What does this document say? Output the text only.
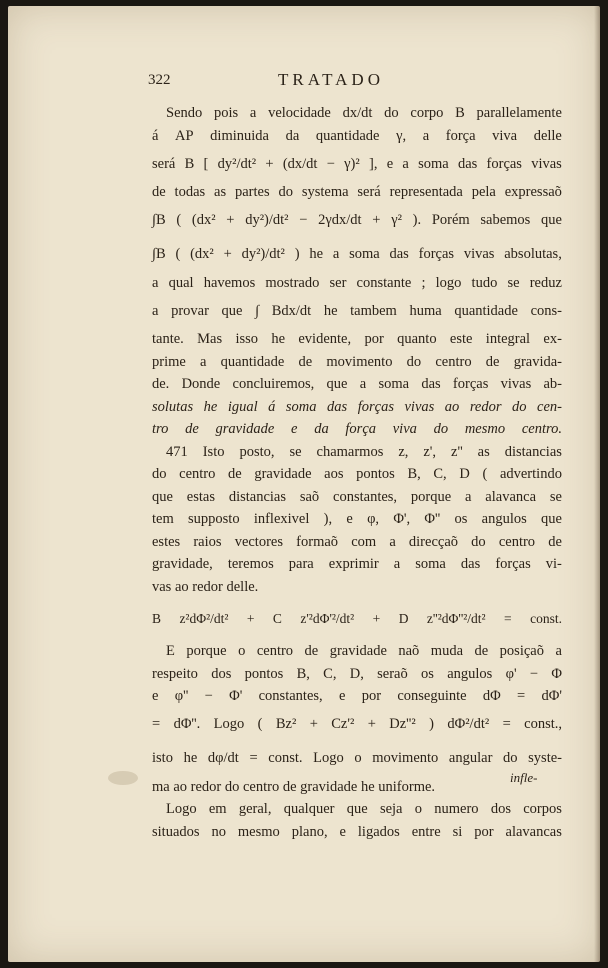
322	TRATADO
Sendo pois a velocidade dx/dt do corpo B parallelamente
á AP diminuida da quantidade γ, a força viva delle
será B [ dy²/dt² + (dx/dt − γ)² ], e a soma das forças vivas
de todas as partes do systema será representada pela expressaõ
∫B ( (dx² + dy²)/dt² − 2γdx/dt + γ² ). Porém sabemos que
∫B ( (dx² + dy²)/dt² ) he a soma das forças vivas absolutas,
a qual havemos mostrado ser constante ; logo tudo se reduz
a provar que ∫ Bdx/dt he tambem huma quantidade cons-
tante. Mas isso he evidente, por quanto este integral ex-
prime a quantidade de movimento do centro de gravida-
de. Donde concluiremos, que a soma das forças vivas ab-
solutas he igual á soma das forças vivas ao redor do cen-
tro de gravidade e da força viva do mesmo centro.
471 Isto posto, se chamarmos z, z', z'' as distancias
do centro de gravidade aos pontos B, C, D ( advertindo
que estas distancias saõ constantes, porque a alavanca se
tem supposto inflexivel ), e φ, Φ', Φ'' os angulos que
estes raios vectores formaõ com a direcçaõ do centro de
gravidade, teremos para exprimir a soma das forças vi-
vas ao redor delle.
B z²dΦ²/dt² + C z'²dΦ'²/dt² + D z''²dΦ''²/dt² = const.
E porque o centro de gravidade naõ muda de posiçaõ a
respeito dos pontos B, C, D, seraõ os angulos φ' − Φ
e φ'' − Φ' constantes, e por conseguinte dΦ = dΦ'
= dΦ''. Logo ( Bz² + Cz'² + Dz''² ) dΦ²/dt² = const.,
isto he dφ/dt = const. Logo o movimento angular do syste-
ma ao redor do centro de gravidade he uniforme.
Logo em geral, qualquer que seja o numero dos corpos
situados no mesmo plano, e ligados entre si por alavancas
infle-
